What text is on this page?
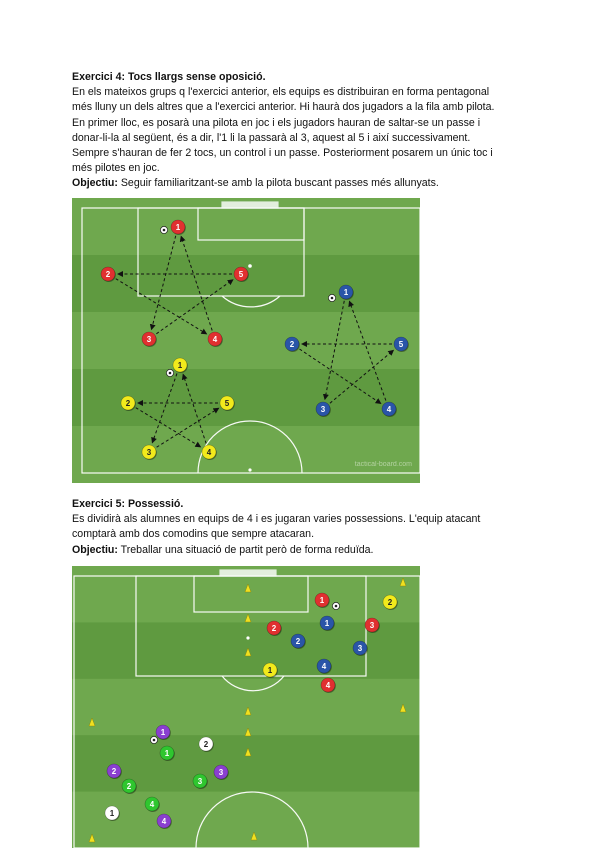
Exercici 4: Tocs llargs sense oposició.

En els mateixos grups q l'exercici anterior, els equips es distribuiran en forma pentagonal

més lluny un dels altres que a l'exercici anterior. Hi haurà dos jugadors a la fila amb pilota.

En primer lloc, es posarà una pilota en joc i els jugadors hauran de saltar-se un passe i

donar-li-la al següent, és a dir, l'1 li la passarà al 3, aquest al 5 i així successivament.

Sempre s'hauran de fer 2 tocs, un control i un passe. Posteriorment posarem un únic toc i

més pilotes en joc.

Objectiu: Seguir familiaritzant-se amb la pilota buscant passes més allunyats.

tactical-board.com
1
2	5
3	4
1
2	5
3	4
1
2	5
3	4

Exercici 5: Possessió.

Es dividirà als alumnes en equips de 4 i es jugaran varies possessions. L'equip atacant

comptarà amb dos comodins que sempre atacaran.

Objectiu: Treballar una situació de partit però de forma reduïda.

1	2
1
2	3
2
3
1	4
4
1
2
1
2	3
2
3
4
1
4
